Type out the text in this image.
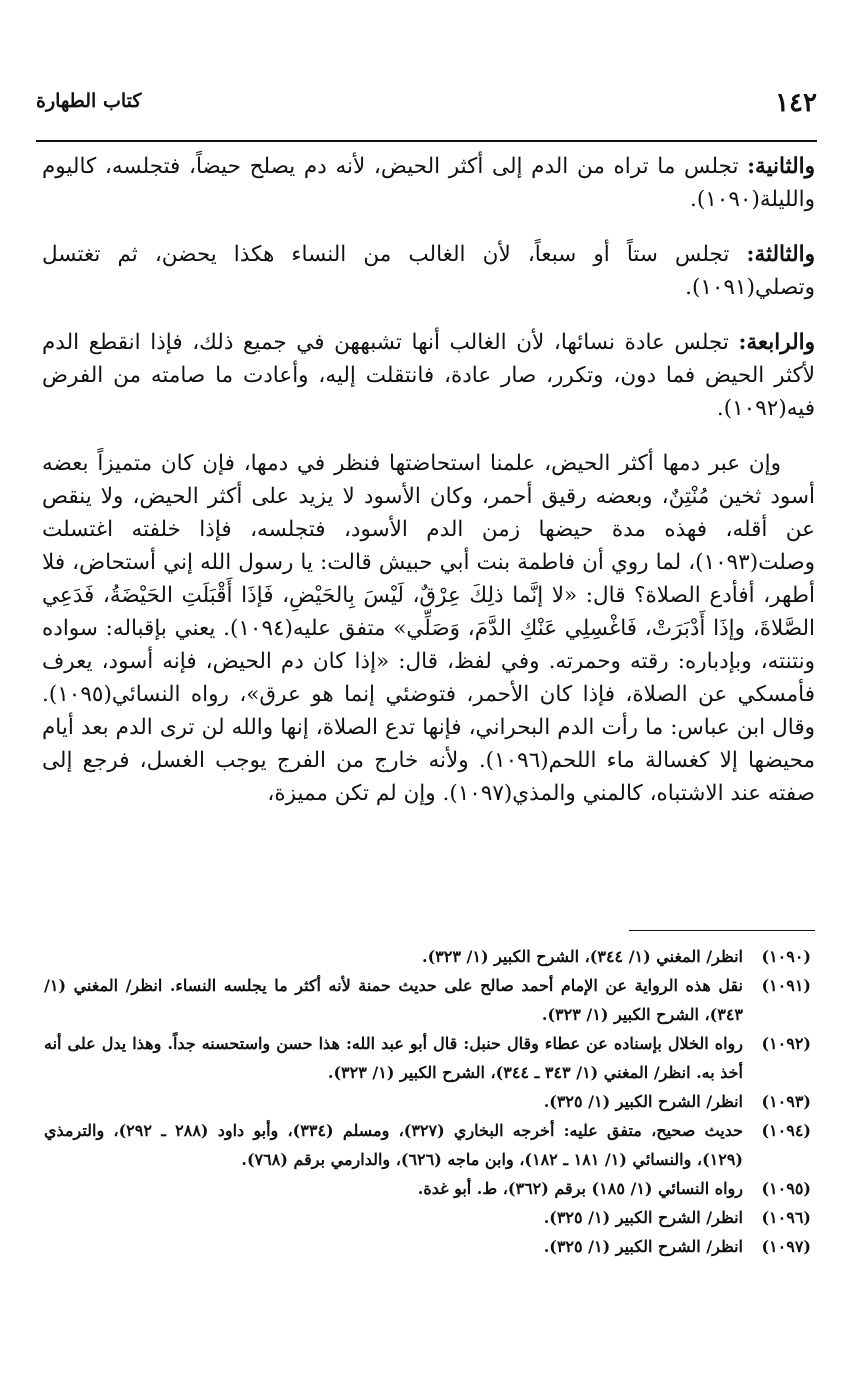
١٤٢
كتاب الطهارة

والثانية: تجلس ما تراه من الدم إلى أكثر الحيض، لأنه دم يصلح حيضاً، فتجلسه، كاليوم والليلة(١٠٩٠).

والثالثة: تجلس ستاً أو سبعاً، لأن الغالب من النساء هكذا يحضن، ثم تغتسل وتصلي(١٠٩١).

والرابعة: تجلس عادة نسائها، لأن الغالب أنها تشبههن في جميع ذلك، فإذا انقطع الدم لأكثر الحيض فما دون، وتكرر، صار عادة، فانتقلت إليه، وأعادت ما صامته من الفرض فيه(١٠٩٢).

وإن عبر دمها أكثر الحيض، علمنا استحاضتها فنظر في دمها، فإن كان متميزاً بعضه أسود ثخين مُنْتِنٌ، وبعضه رقيق أحمر، وكان الأسود لا يزيد على أكثر الحيض، ولا ينقص عن أقله، فهذه مدة حيضها زمن الدم الأسود، فتجلسه، فإذا خلفته اغتسلت وصلت(١٠٩٣)، لما روي أن فاطمة بنت أبي حبيش قالت: يا رسول الله إني أستحاض، فلا أطهر، أفأدع الصلاة؟ قال: «لا إنَّما ذلِكَ عِرْقٌ، لَيْسَ بِالحَيْضِ، فَإذَا أَقْبَلَتِ الحَيْضَةُ، فَدَعِي الصَّلاةَ، وإذَا أَدْبَرَتْ، فَاغْسِلِي عَنْكِ الدَّمَ، وَصَلِّي» متفق عليه(١٠٩٤). يعني بإقباله: سواده ونتنته، وبإدباره: رقته وحمرته. وفي لفظ، قال: «إذا كان دم الحيض، فإنه أسود، يعرف فأمسكي عن الصلاة، فإذا كان الأحمر، فتوضئي إنما هو عرق»، رواه النسائي(١٠٩٥). وقال ابن عباس: ما رأت الدم البحراني، فإنها تدع الصلاة، إنها والله لن ترى الدم بعد أيام محيضها إلا كغسالة ماء اللحم(١٠٩٦). ولأنه خارج من الفرج يوجب الغسل، فرجع إلى صفته عند الاشتباه، كالمني والمذي(١٠٩٧). وإن لم تكن مميزة،

(١٠٩٠)
انظر/ المغني (١/ ٣٤٤)، الشرح الكبير (١/ ٣٢٣).
(١٠٩١)
نقل هذه الرواية عن الإمام أحمد صالح على حديث حمنة لأنه أكثر ما يجلسه النساء. انظر/ المغني (١/ ٣٤٣)، الشرح الكبير (١/ ٣٢٣).
(١٠٩٢)
رواه الخلال بإسناده عن عطاء وقال حنبل: قال أبو عبد الله: هذا حسن واستحسنه جداً. وهذا يدل على أنه أخذ به. انظر/ المغني (١/ ٣٤٣ ـ ٣٤٤)، الشرح الكبير (١/ ٣٢٣).
(١٠٩٣)
انظر/ الشرح الكبير (١/ ٣٢٥).
(١٠٩٤)
حديث صحيح، متفق عليه: أخرجه البخاري (٣٢٧)، ومسلم (٣٣٤)، وأبو داود (٢٨٨ ـ ٢٩٢)، والترمذي (١٢٩)، والنسائي (١/ ١٨١ ـ ١٨٢)، وابن ماجه (٦٢٦)، والدارمي برقم (٧٦٨).
(١٠٩٥)
رواه النسائي (١/ ١٨٥) برقم (٣٦٢)، ط. أبو غدة.
(١٠٩٦)
انظر/ الشرح الكبير (١/ ٣٢٥).
(١٠٩٧)
انظر/ الشرح الكبير (١/ ٣٢٥).
